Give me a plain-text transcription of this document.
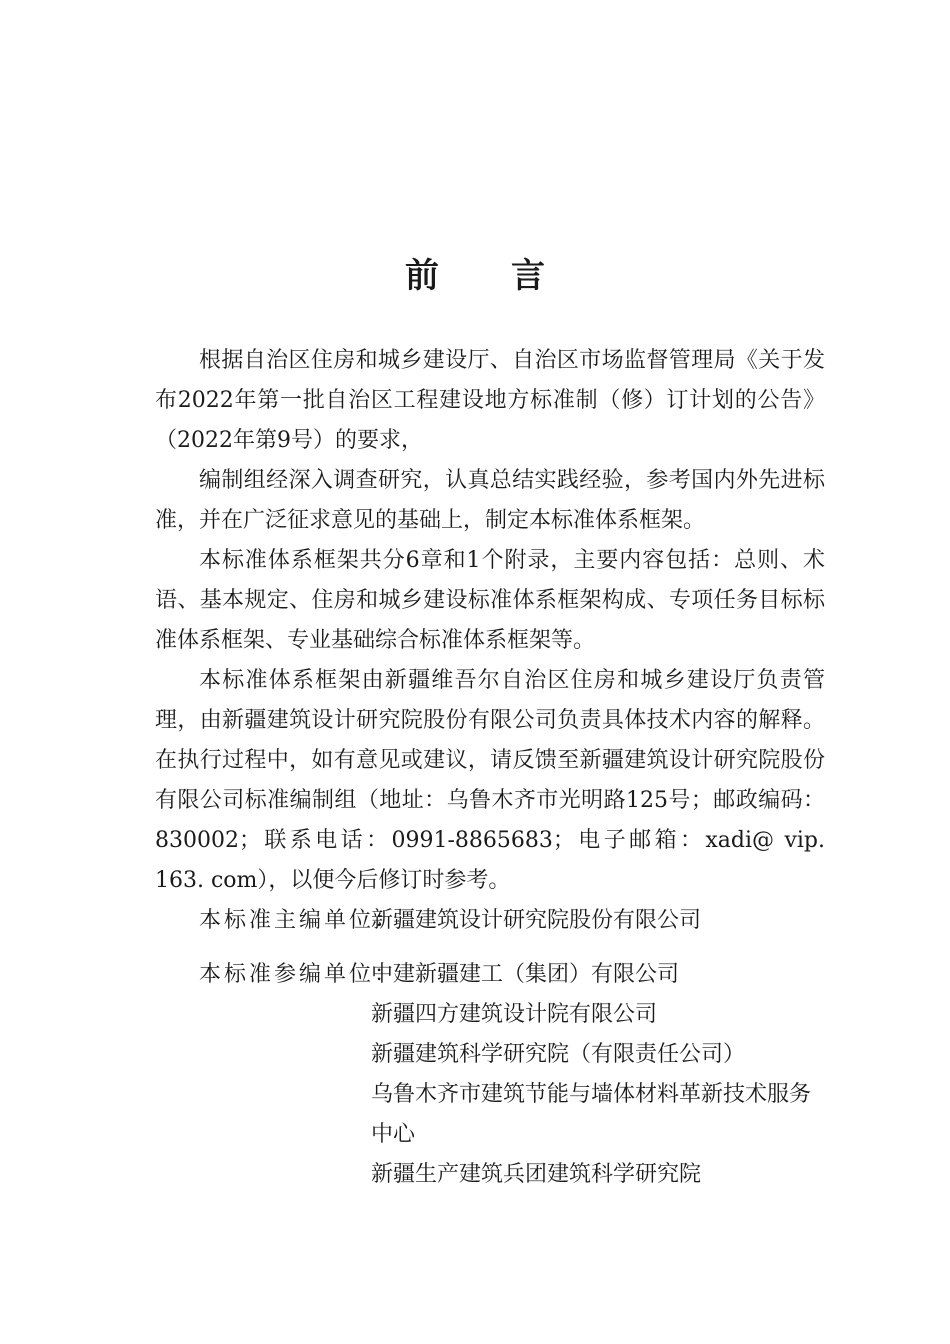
前言

根据自治区住房和城乡建设厅、自治区市场监督管理局《关于发布2022年第一批自治区工程建设地方标准制（修）订计划的公告》（2022年第9号）的要求，

编制组经深入调查研究，认真总结实践经验，参考国内外先进标准，并在广泛征求意见的基础上，制定本标准体系框架。

本标准体系框架共分6章和1个附录，主要内容包括：总则、术语、基本规定、住房和城乡建设标准体系框架构成、专项任务目标标准体系框架、专业基础综合标准体系框架等。

本标准体系框架由新疆维吾尔自治区住房和城乡建设厅负责管理，由新疆建筑设计研究院股份有限公司负责具体技术内容的解释。在执行过程中，如有意见或建议，请反馈至新疆建筑设计研究院股份有限公司标准编制组（地址：乌鲁木齐市光明路125号；邮政编码：830002；联系电话：0991-8865683；电子邮箱：xadi@ vip. 163. com），以便今后修订时参考。

本标准主编单位：
新疆建筑设计研究院股份有限公司
本标准参编单位：
中建新疆建工（集团）有限公司
新疆四方建筑设计院有限公司
新疆建筑科学研究院（有限责任公司）
乌鲁木齐市建筑节能与墙体材料革新技术服务中心
新疆生产建筑兵团建筑科学研究院
